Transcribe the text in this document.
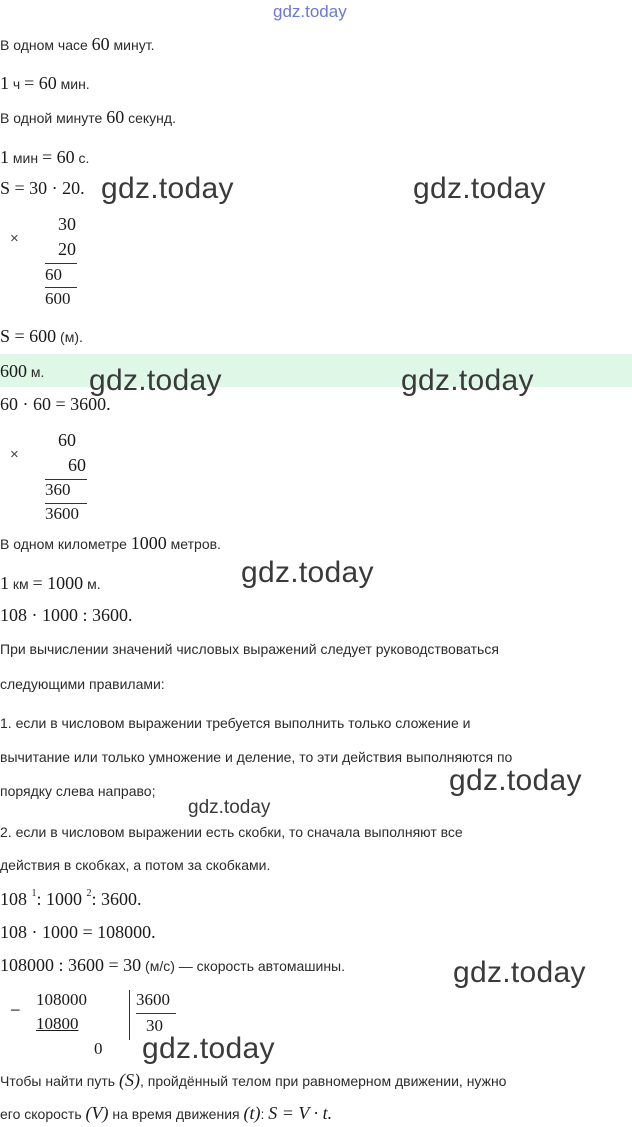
gdz.today
В одном часе 60 минут.
1 ч = 60 мин.
В одной минуте 60 секунд.
1 мин = 60 с.
S = 30 · 20. gdz.today	gdz.today
×
30
20
60
600
S = 600 (м).
600 м. gdz.today	gdz.today
60 · 60 = 3600.
×
60
60
360
3600
В одном километре 1000 метров.
gdz.today
1 км = 1000 м.
108 · 1000 : 3600.
При вычислении значений числовых выражений следует руководствоваться
следующими правилами:
1. если в числовом выражении требуется выполнить только сложение и
вычитание или только умножение и деление, то эти действия выполняются по
gdz.today
порядку слева направо;
gdz.today
2. если в числовом выражении есть скобки, то сначала выполняют все
действия в скобках, а потом за скобками.
108 $^1$: 1000 $^2$: 3600.
108 · 1000 = 108000.
108000 : 3600 = 30 (м/с) — скорость автомашины.	gdz.today
−
108000
10800
0
3600
30
gdz.today
Чтобы найти путь (S), пройдённый телом при равномерном движении, нужно
его скорость (V) на время движения (t): S = V · t.
